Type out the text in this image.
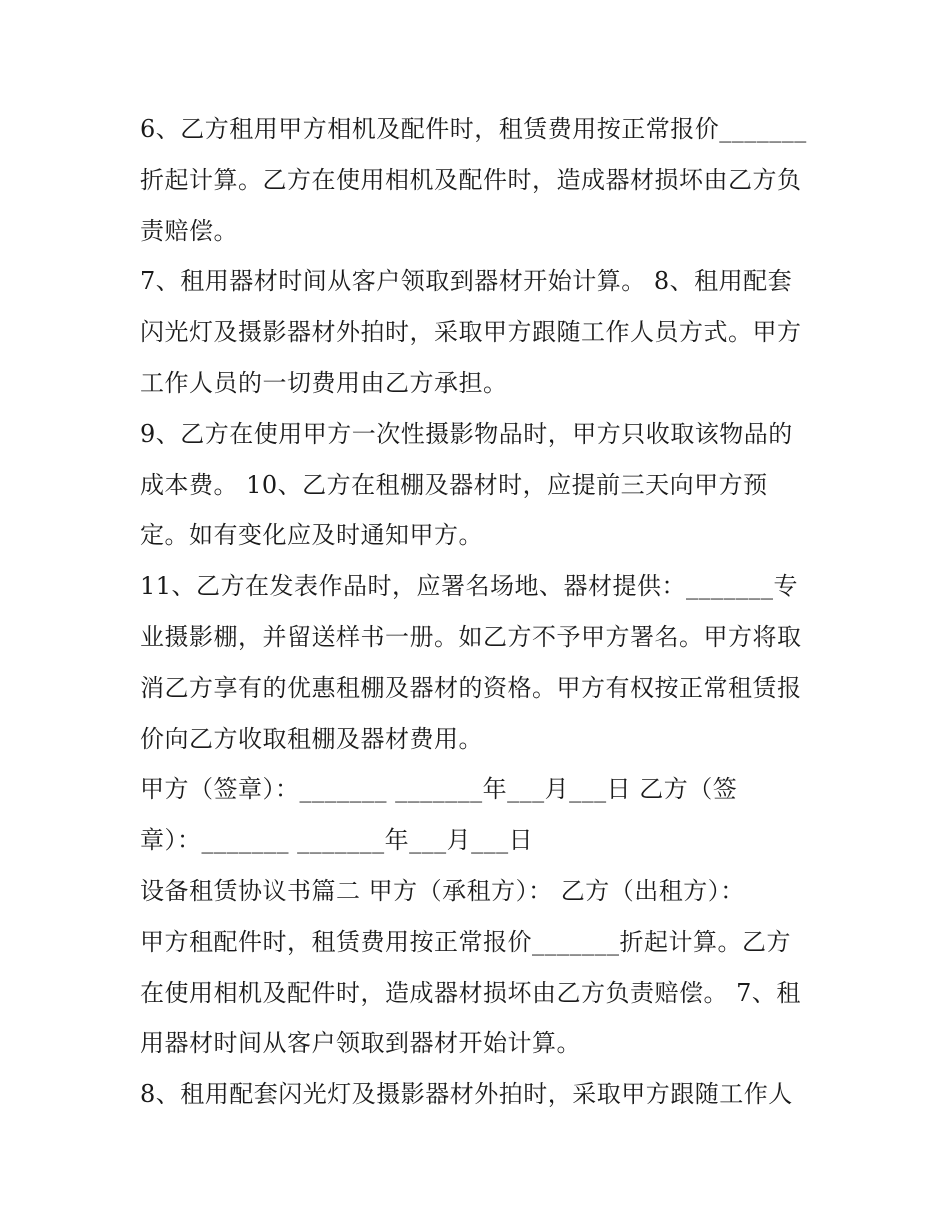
6、乙方租用甲方相机及配件时，租赁费用按正常报价_______
折起计算。乙方在使用相机及配件时，造成器材损坏由乙方负
责赔偿。
7、租用器材时间从客户领取到器材开始计算。 8、租用配套
闪光灯及摄影器材外拍时，采取甲方跟随工作人员方式。甲方
工作人员的一切费用由乙方承担。
9、乙方在使用甲方一次性摄影物品时，甲方只收取该物品的
成本费。 10、乙方在租棚及器材时，应提前三天向甲方预
定。如有变化应及时通知甲方。
11、乙方在发表作品时，应署名场地、器材提供：_______专
业摄影棚，并留送样书一册。如乙方不予甲方署名。甲方将取
消乙方享有的优惠租棚及器材的资格。甲方有权按正常租赁报
价向乙方收取租棚及器材费用。
甲方（签章）：_______ _______年___月___日 乙方（签
章）：_______ _______年___月___日
设备租赁协议书篇二 甲方（承租方）： 乙方（出租方）：
甲方租配件时，租赁费用按正常报价_______折起计算。乙方
在使用相机及配件时，造成器材损坏由乙方负责赔偿。 7、租
用器材时间从客户领取到器材开始计算。
8、租用配套闪光灯及摄影器材外拍时，采取甲方跟随工作人
